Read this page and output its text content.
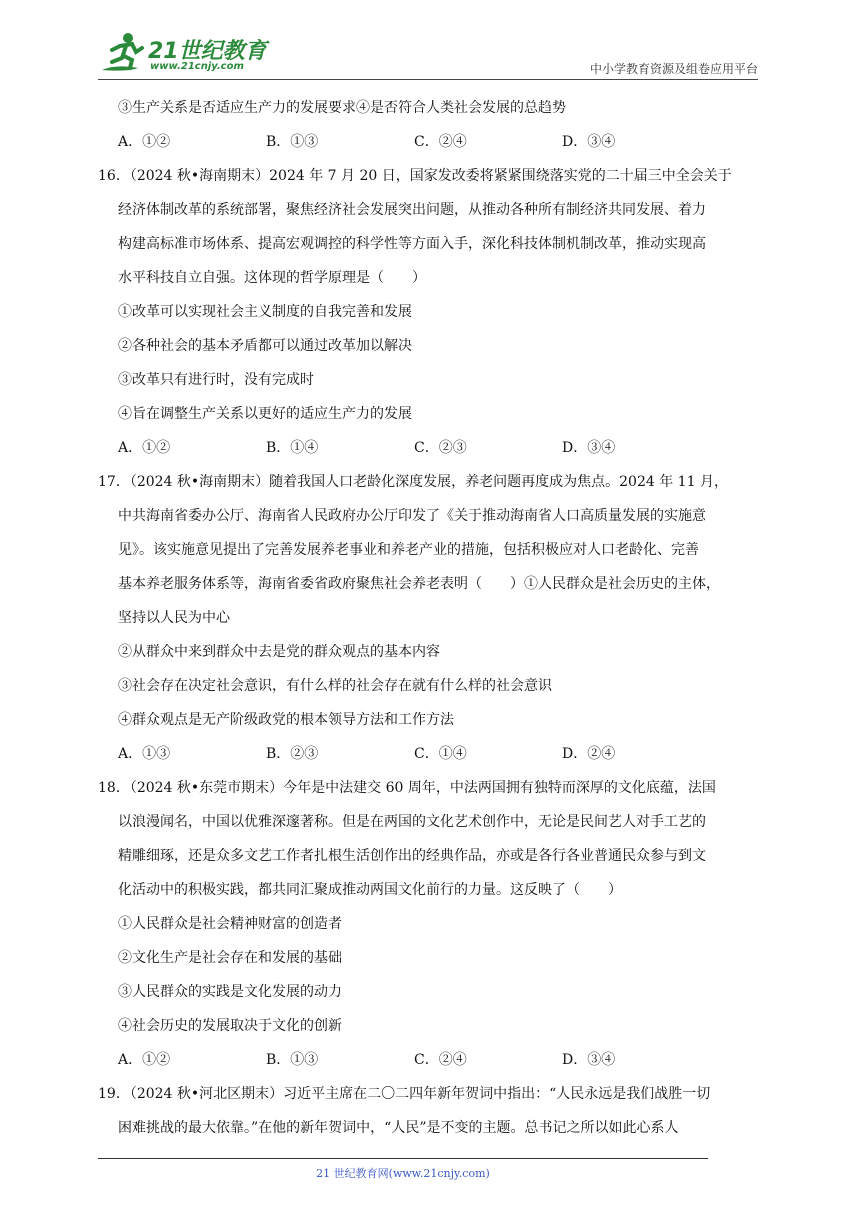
21世纪教育
www.21cnjy.com	中小学教育资源及组卷应用平台
③生产关系是否适应生产力的发展要求④是否符合人类社会发展的总趋势
A．①②	B．①③	C．②④	D．③④
16．（2024 秋•海南期末）2024 年 7 月 20 日，国家发改委将紧紧围绕落实党的二十届三中全会关于
经济体制改革的系统部署，聚焦经济社会发展突出问题，从推动各种所有制经济共同发展、着力
构建高标准市场体系、提高宏观调控的科学性等方面入手，深化科技体制机制改革，推动实现高
水平科技自立自强。这体现的哲学原理是（　　）
①改革可以实现社会主义制度的自我完善和发展
②各种社会的基本矛盾都可以通过改革加以解决
③改革只有进行时，没有完成时
④旨在调整生产关系以更好的适应生产力的发展
A．①②	B．①④	C．②③	D．③④
17．（2024 秋•海南期末）随着我国人口老龄化深度发展，养老问题再度成为焦点。2024 年 11 月，
中共海南省委办公厅、海南省人民政府办公厅印发了《关于推动海南省人口高质量发展的实施意
见》。该实施意见提出了完善发展养老事业和养老产业的措施，包括积极应对人口老龄化、完善
基本养老服务体系等，海南省委省政府聚焦社会养老表明（　　）①人民群众是社会历史的主体，
坚持以人民为中心
②从群众中来到群众中去是党的群众观点的基本内容
③社会存在决定社会意识，有什么样的社会存在就有什么样的社会意识
④群众观点是无产阶级政党的根本领导方法和工作方法
A．①③	B．②③	C．①④	D．②④
18．（2024 秋•东莞市期末）今年是中法建交 60 周年，中法两国拥有独特而深厚的文化底蕴，法国
以浪漫闻名，中国以优雅深邃著称。但是在两国的文化艺术创作中，无论是民间艺人对手工艺的
精雕细琢，还是众多文艺工作者扎根生活创作出的经典作品，亦或是各行各业普通民众参与到文
化活动中的积极实践，都共同汇聚成推动两国文化前行的力量。这反映了（　　）
①人民群众是社会精神财富的创造者
②文化生产是社会存在和发展的基础
③人民群众的实践是文化发展的动力
④社会历史的发展取决于文化的创新
A．①②	B．①③	C．②④	D．③④
19．（2024 秋•河北区期末）习近平主席在二〇二四年新年贺词中指出：“人民永远是我们战胜一切
困难挑战的最大依靠。”在他的新年贺词中，“人民”是不变的主题。总书记之所以如此心系人
21 世纪教育网(www.21cnjy.com)
